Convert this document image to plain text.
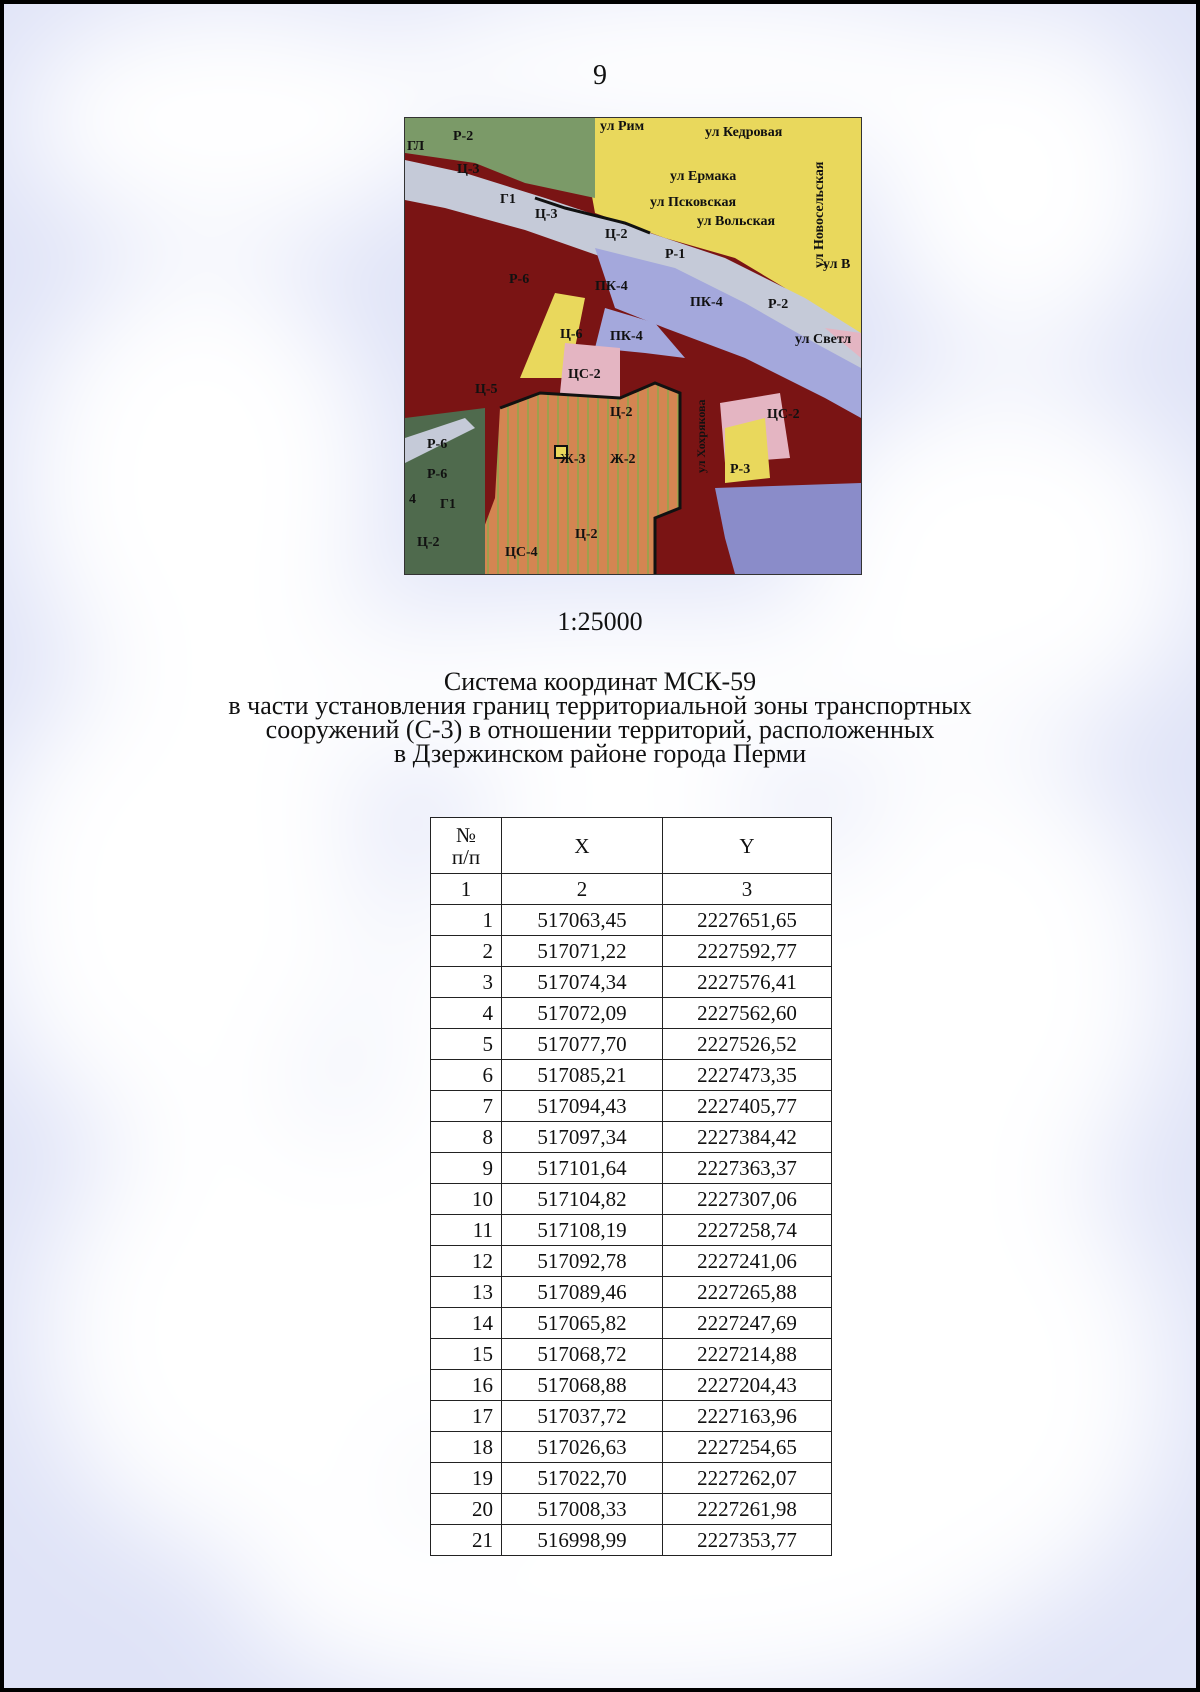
9
ул Рим	ул Кедровая
ул Ермака
ул Псковская
ул Вольская
ул В
ул Светл
ул Новосельская
ул Хохрякова
Р-2
ГЛ
Ц-3
Г1
Ц-3
Ц-2
Р-1
Р-6	ПК-4
ПК-4	Р-2
Ц-6 ПК-4
ЦС-2
Ц-5
Ц-2	ЦС-2
Р-6
Р-6
Ж-3 Ж-2
Р-3
4 Г1
Ц-2
Ц-2
ЦС-4
1:25000
Система координат МСК-59
в части установления границ территориальной зоны транспортных
сооружений (С-3) в отношении территорий, расположенных
в Дзержинском районе города Перми
№
п/п	X	Y
1	2	3
1	517063,45	2227651,65
2	517071,22	2227592,77
3	517074,34	2227576,41
4	517072,09	2227562,60
5	517077,70	2227526,52
6	517085,21	2227473,35
7	517094,43	2227405,77
8	517097,34	2227384,42
9	517101,64	2227363,37
10	517104,82	2227307,06
11	517108,19	2227258,74
12	517092,78	2227241,06
13	517089,46	2227265,88
14	517065,82	2227247,69
15	517068,72	2227214,88
16	517068,88	2227204,43
17	517037,72	2227163,96
18	517026,63	2227254,65
19	517022,70	2227262,07
20	517008,33	2227261,98
21	516998,99	2227353,77
